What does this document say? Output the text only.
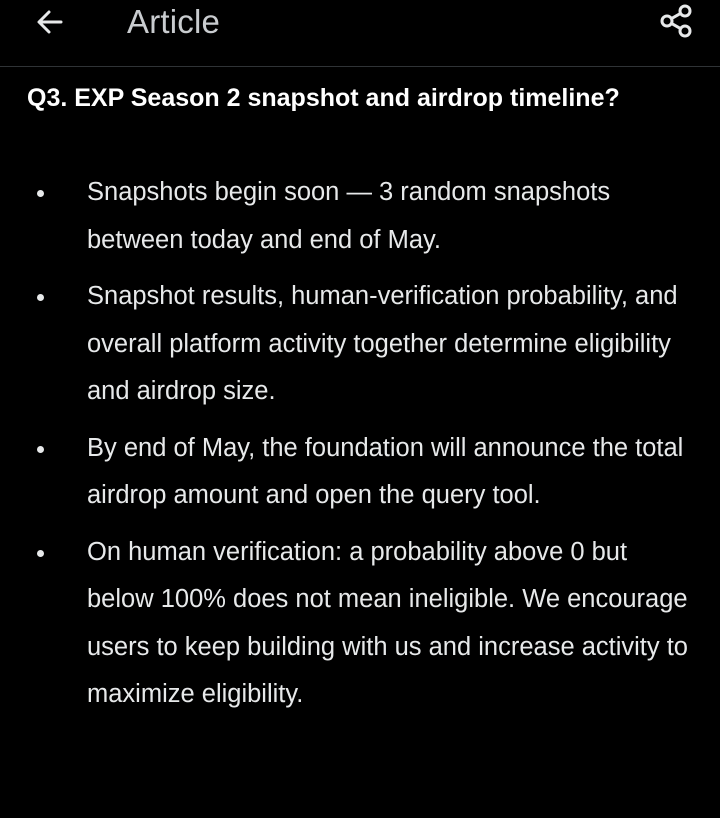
Article
Q3. EXP Season 2 snapshot and airdrop timeline?
Snapshots begin soon — 3 random snapshots between today and end of May.
Snapshot results, human-verification probability, and overall platform activity together determine eligibility and airdrop size.
By end of May, the foundation will announce the total airdrop amount and open the query tool.
On human verification: a probability above 0 but below 100% does not mean ineligible. We encourage users to keep building with us and increase activity to maximize eligibility.
